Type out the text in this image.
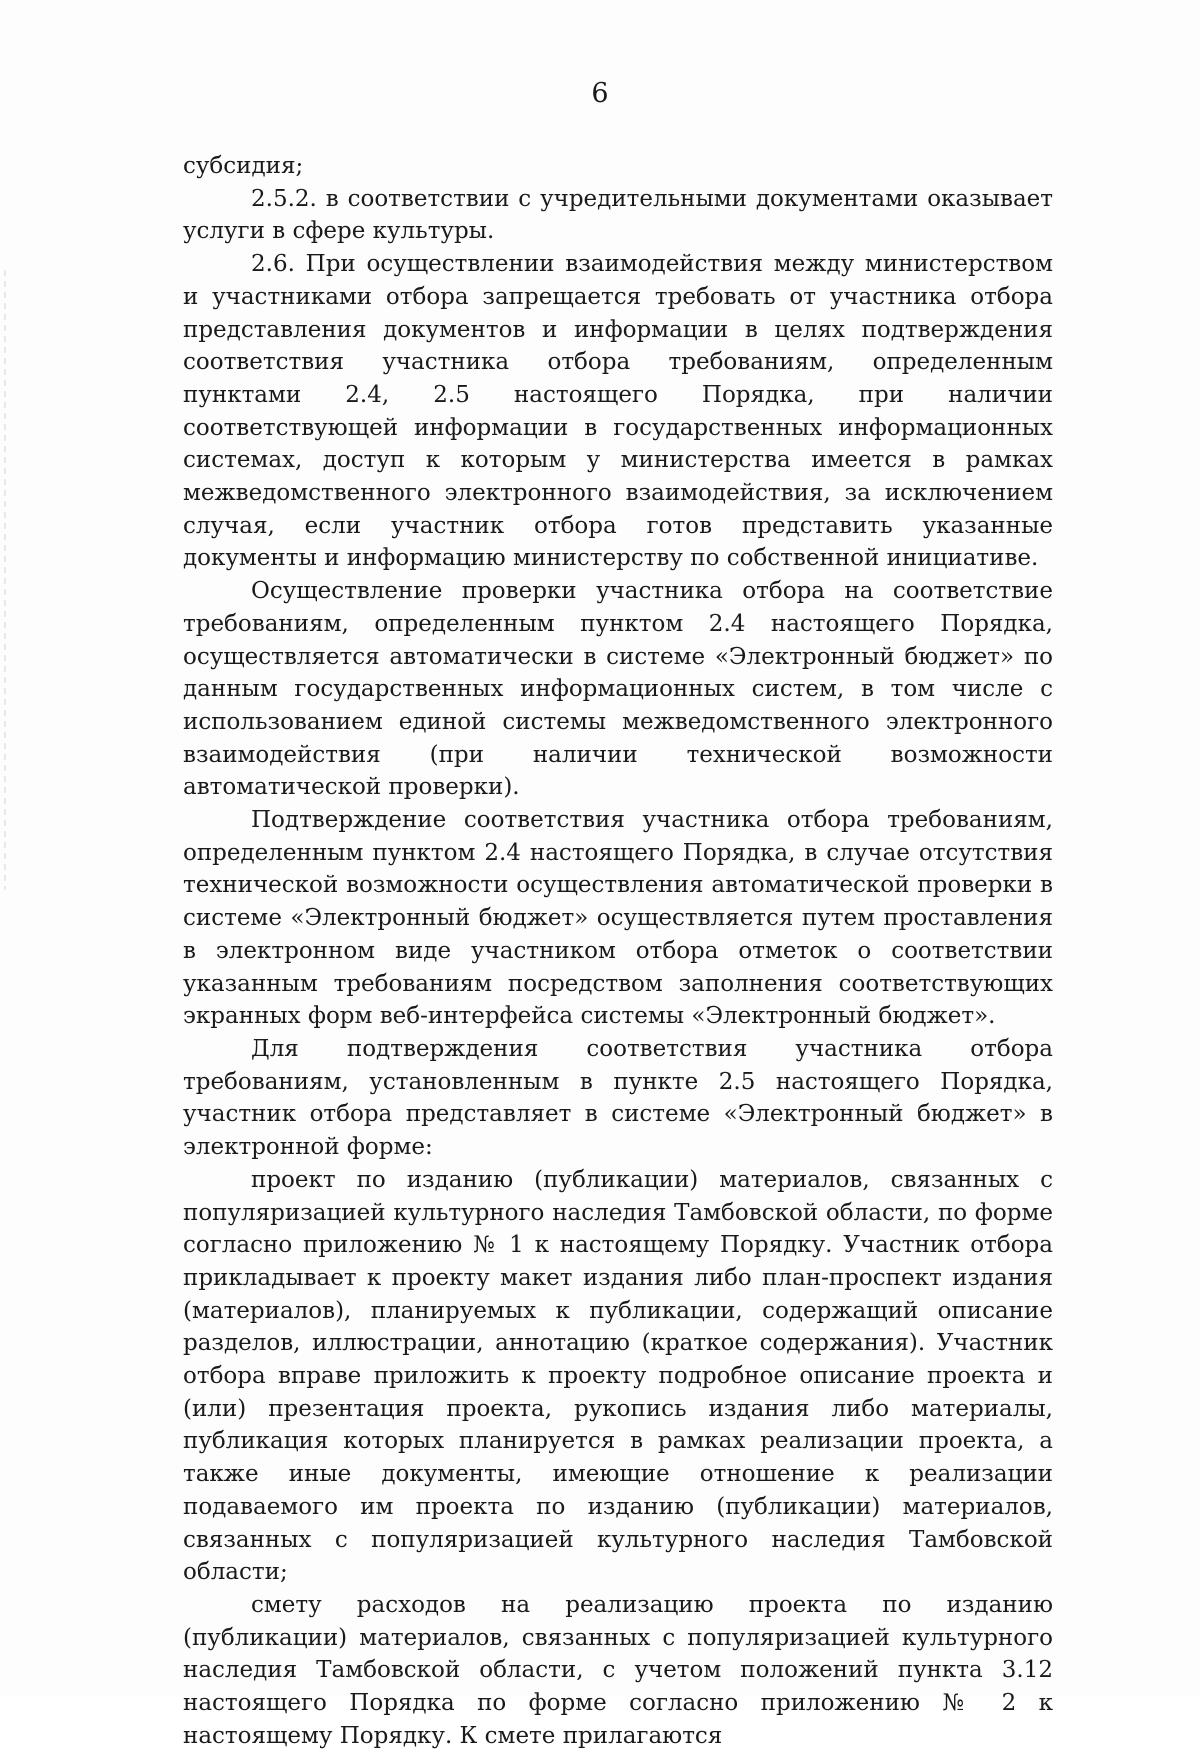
6

субсидия;

2.5.2. в соответствии с учредительными документами оказывает услуги в сфере культуры.

2.6. При осуществлении взаимодействия между министерством и участниками отбора запрещается требовать от участника отбора представления документов и информации в целях подтверждения соответствия участника отбора требованиям, определенным пунктами 2.4, 2.5 настоящего Порядка, при наличии соответствующей информации в государственных информационных системах, доступ к которым у министерства имеется в рамках межведомственного электронного взаимодействия, за исключением случая, если участник отбора готов представить указанные документы и информацию министерству по собственной инициативе.

Осуществление проверки участника отбора на соответствие требованиям, определенным пунктом 2.4 настоящего Порядка, осуществляется автоматически в системе «Электронный бюджет» по данным государственных информационных систем, в том числе с использованием единой системы межведомственного электронного взаимодействия (при наличии технической возможности автоматической проверки).

Подтверждение соответствия участника отбора требованиям, определенным пунктом 2.4 настоящего Порядка, в случае отсутствия технической возможности осуществления автоматической проверки в системе «Электронный бюджет» осуществляется путем проставления в электронном виде участником отбора отметок о соответствии указанным требованиям посредством заполнения соответствующих экранных форм веб-интерфейса системы «Электронный бюджет».

Для подтверждения соответствия участника отбора требованиям, установленным в пункте 2.5 настоящего Порядка, участник отбора представляет в системе «Электронный бюджет» в электронной форме:

проект по изданию (публикации) материалов, связанных с популяризацией культурного наследия Тамбовской области, по форме согласно приложению № 1 к настоящему Порядку. Участник отбора прикладывает к проекту макет издания либо план-проспект издания (материалов), планируемых к публикации, содержащий описание разделов, иллюстрации, аннотацию (краткое содержания). Участник отбора вправе приложить к проекту подробное описание проекта и (или) презентация проекта, рукопись издания либо материалы, публикация которых планируется в рамках реализации проекта, а также иные документы, имеющие отношение к реализации подаваемого им проекта по изданию (публикации) материалов, связанных с популяризацией культурного наследия Тамбовской области;

смету расходов на реализацию проекта по изданию (публикации) материалов, связанных с популяризацией культурного наследия Тамбовской области, с учетом положений пункта 3.12 настоящего Порядка по форме согласно приложению № 2 к настоящему Порядку. К смете прилагаются
